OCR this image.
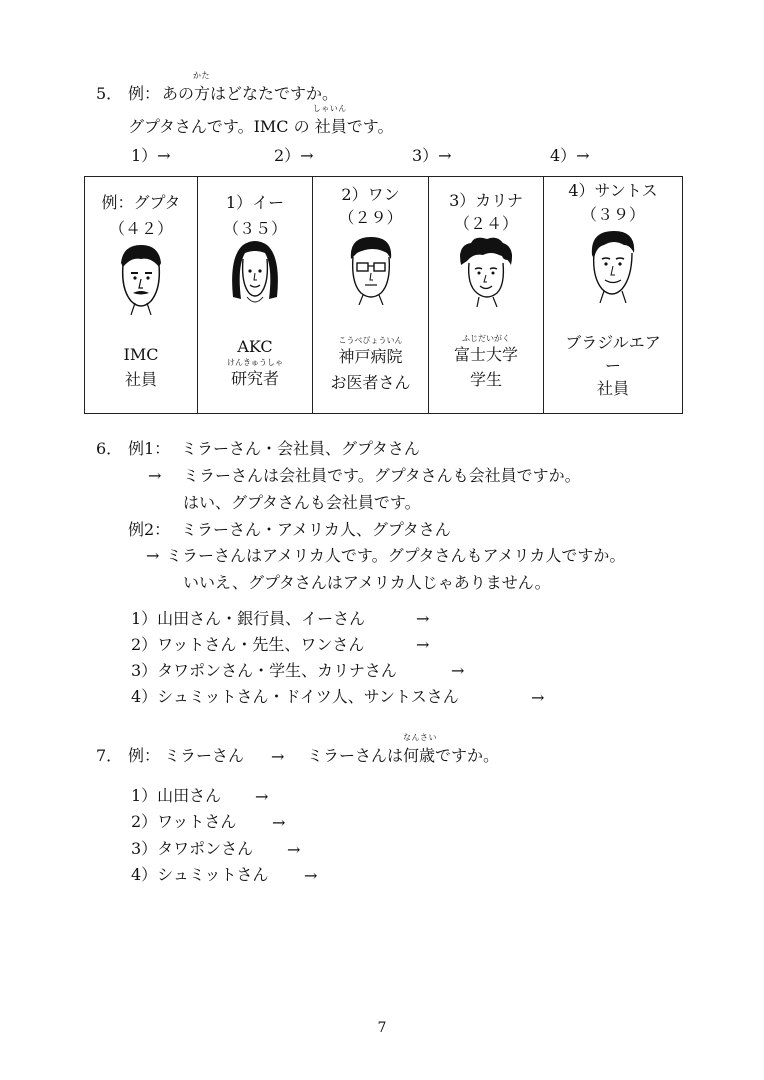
5． 例： あの
かた
方はどなたですか。
グプタさんです。IMC の
しゃいん
社員です。
1）→	2）→	3）→	4）→
例：グプタ
（４２）
IMC
社員

1）イー
（３５）
AKC
けんきゅうしゃ
研究者

2）ワン
（２９）
こうべびょういん
神戸病院
お医者さん

3）カリナ
（２４）
ふじだいがく
富士大学
学生

4）サントス
（３９）
ブラジルエア
ー
社員
6． 例1： ミラーさん・会社員、グプタさん
→ ミラーさんは会社員です。グプタさんも会社員ですか。
はい、グプタさんも会社員です。
例2： ミラーさん・アメリカ人、グプタさん
→ ミラーさんはアメリカ人です。グプタさんもアメリカ人ですか。
いいえ、グプタさんはアメリカ人じゃありません。
1）山田さん・銀行員、イーさん	→
2）ワットさん・先生、ワンさん	→
3）タワポンさん・学生、カリナさん	→
4）シュミットさん・ドイツ人、サントスさん	→
7． 例： ミラーさん → ミラーさんは
なんさい
何歳ですか。
1）山田さん →
2）ワットさん →
3）タワポンさん →
4）シュミットさん →
7
